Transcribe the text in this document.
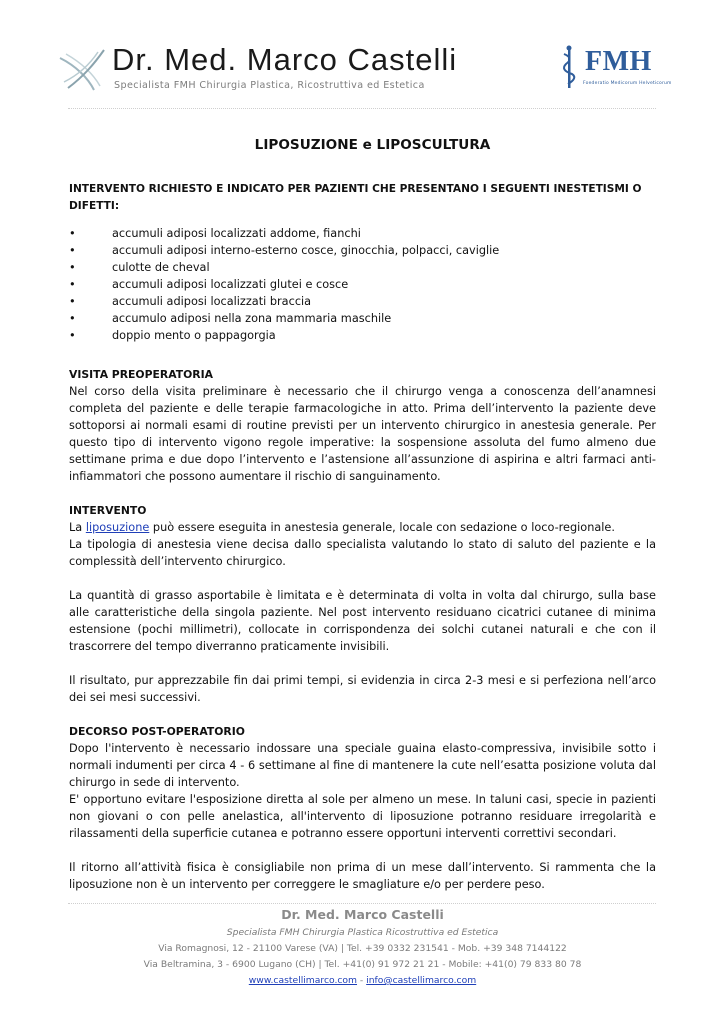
Dr. Med. Marco Castelli
Specialista FMH Chirurgia Plastica, Ricostruttiva ed Estetica
FMH
Foederatio Medicorum Helveticorum
LIPOSUZIONE e LIPOSCULTURA
INTERVENTO RICHIESTO E INDICATO PER PAZIENTI CHE PRESENTANO I SEGUENTI INESTETISMI O DIFETTI:
• accumuli adiposi localizzati addome, fianchi
• accumuli adiposi interno-esterno cosce, ginocchia, polpacci, caviglie
• culotte de cheval
• accumuli adiposi localizzati glutei e cosce
• accumuli adiposi localizzati braccia
• accumulo adiposi nella zona mammaria maschile
• doppio mento o pappagorgia
VISITA PREOPERATORIA

Nel corso della visita preliminare è necessario che il chirurgo venga a conoscenza dell’anamnesi completa del paziente e delle terapie farmacologiche in atto. Prima dell’intervento la paziente deve sottoporsi ai normali esami di routine previsti per un intervento chirurgico in anestesia generale. Per questo tipo di intervento vigono regole imperative: la sospensione assoluta del fumo almeno due settimane prima e due dopo l’intervento e l’astensione all’assunzione di aspirina e altri farmaci anti-infiammatori che possono aumentare il rischio di sanguinamento.

INTERVENTO

La liposuzione può essere eseguita in anestesia generale, locale con sedazione o loco-regionale.

La tipologia di anestesia viene decisa dallo specialista valutando lo stato di saluto del paziente e la complessità dell’intervento chirurgico.

La quantità di grasso asportabile è limitata e è determinata di volta in volta dal chirurgo, sulla base alle caratteristiche della singola paziente. Nel post intervento residuano cicatrici cutanee di minima estensione (pochi millimetri), collocate in corrispondenza dei solchi cutanei naturali e che con il trascorrere del tempo diverranno praticamente invisibili.

Il risultato, pur apprezzabile fin dai primi tempi, si evidenzia in circa 2-3 mesi e si perfeziona nell’arco dei sei mesi successivi.

DECORSO POST-OPERATORIO

Dopo l'intervento è necessario indossare una speciale guaina elasto-compressiva, invisibile sotto i normali indumenti per circa 4 - 6 settimane al fine di mantenere la cute nell’esatta posizione voluta dal chirurgo in sede di intervento.

E' opportuno evitare l'esposizione diretta al sole per almeno un mese. In taluni casi, specie in pazienti non giovani o con pelle anelastica, all'intervento di liposuzione potranno residuare irregolarità e rilassamenti della superficie cutanea e potranno essere opportuni interventi correttivi secondari.

Il ritorno all’attività fisica è consigliabile non prima di un mese dall’intervento. Si rammenta che la liposuzione non è un intervento per correggere le smagliature e/o per perdere peso.

Dr. Med. Marco Castelli
Specialista FMH Chirurgia Plastica Ricostruttiva ed Estetica
Via Romagnosi, 12 - 21100 Varese (VA) | Tel. +39 0332 231541 - Mob. +39 348 7144122
Via Beltramina, 3 - 6900 Lugano (CH) | Tel. +41(0) 91 972 21 21 - Mobile: +41(0) 79 833 80 78
www.castellimarco.com - info@castellimarco.com
